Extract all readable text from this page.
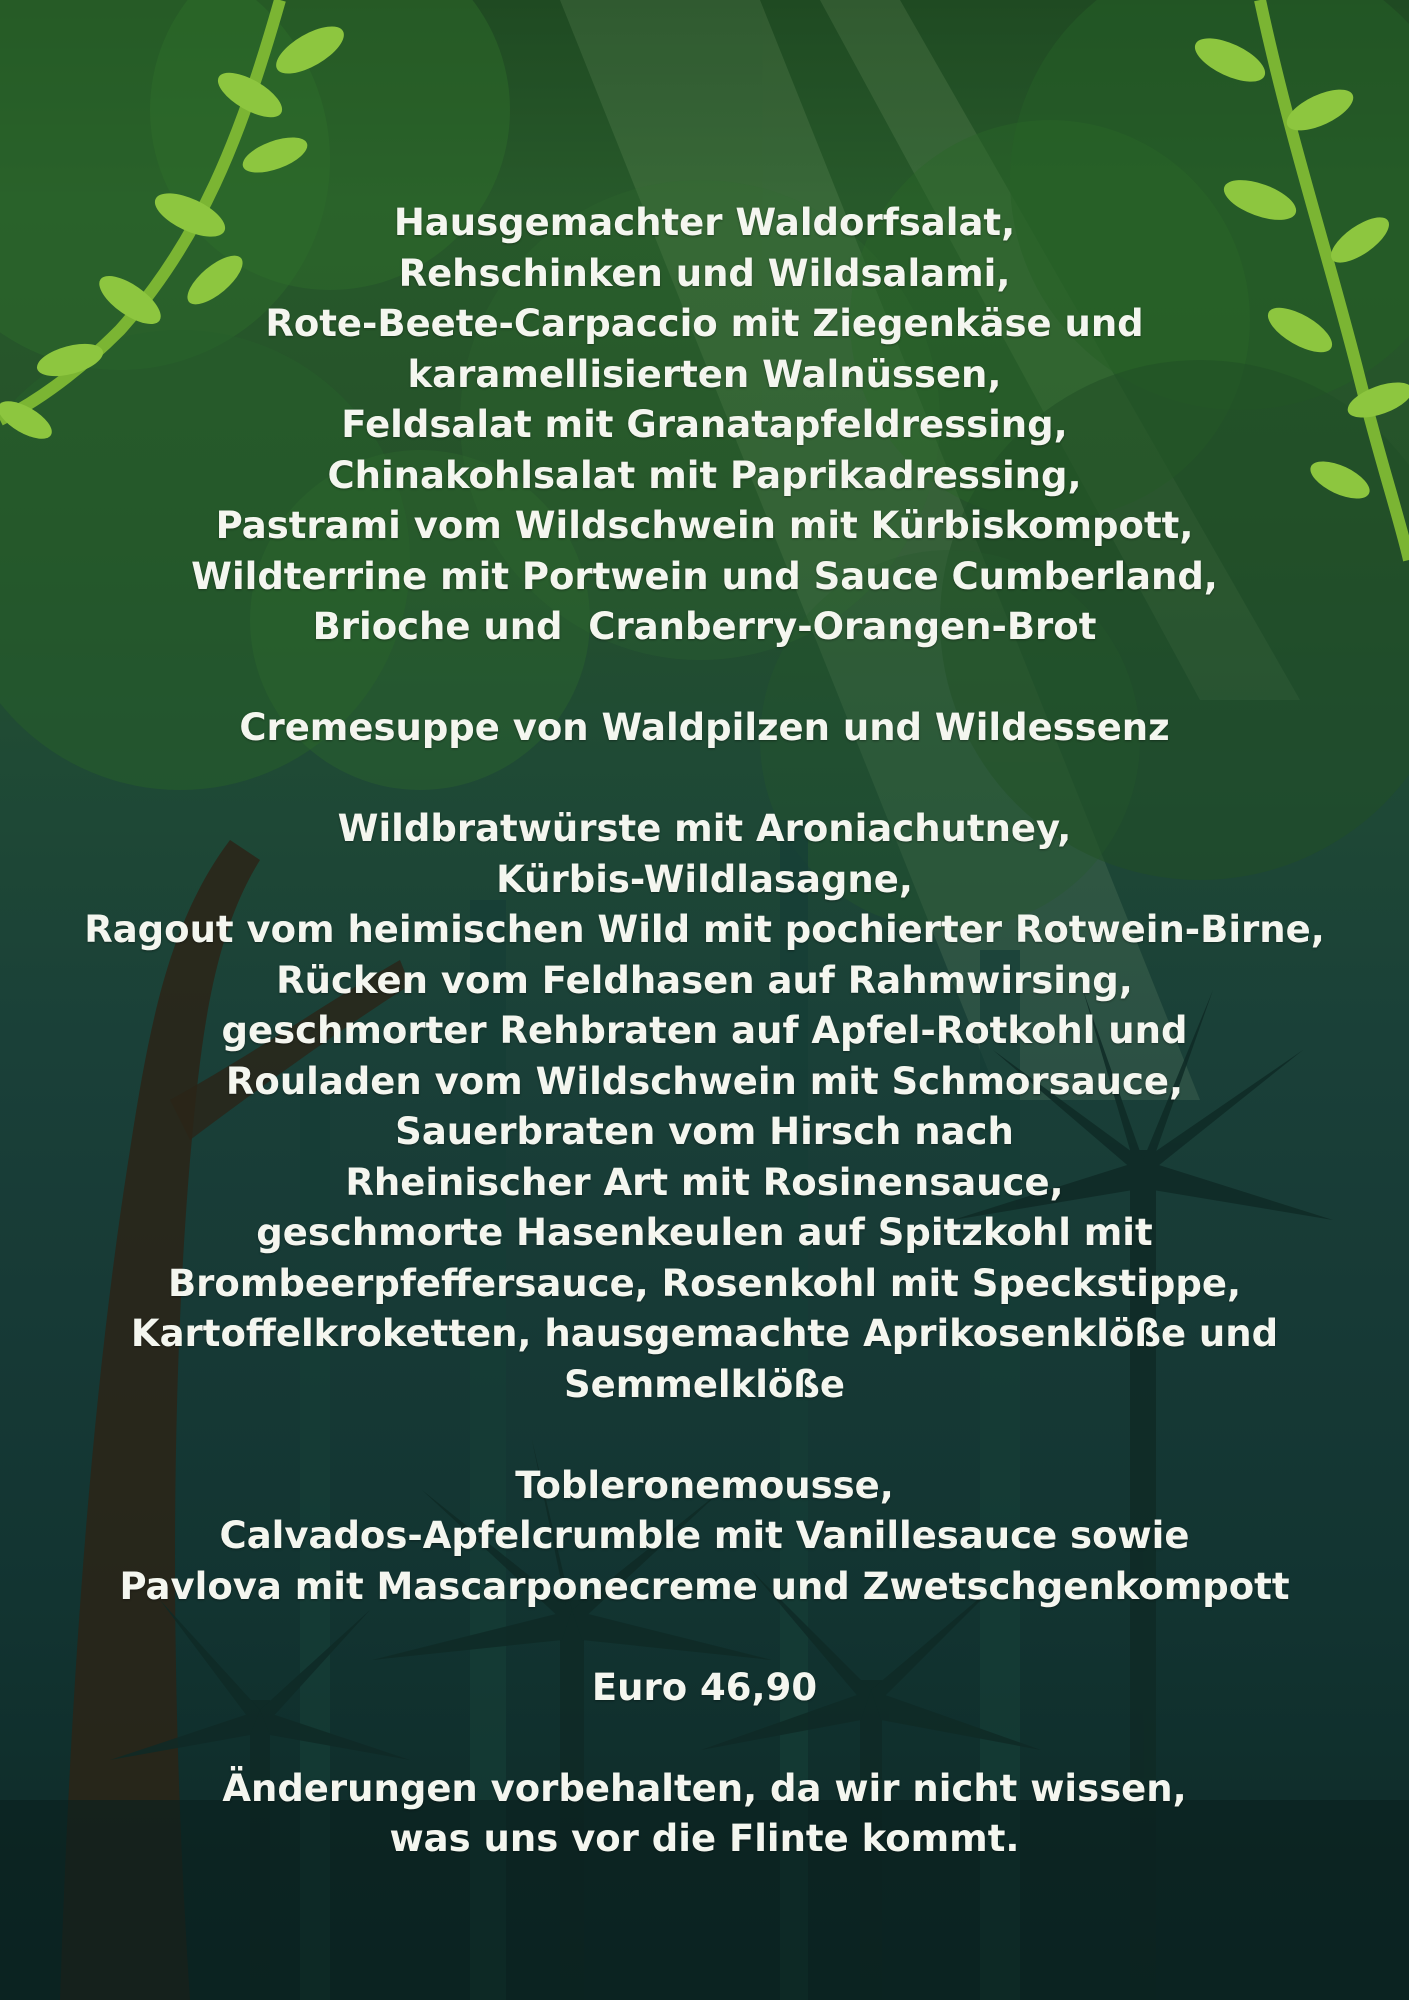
Hausgemachter Waldorfsalat,
Rehschinken und Wildsalami,
Rote-Beete-Carpaccio mit Ziegenkäse und
karamellisierten Walnüssen,
Feldsalat mit Granatapfeldressing,
Chinakohlsalat mit Paprikadressing,
Pastrami vom Wildschwein mit Kürbiskompott,
Wildterrine mit Portwein und Sauce Cumberland,
Brioche und  Cranberry-Orangen-Brot
Cremesuppe von Waldpilzen und Wildessenz
Wildbratwürste mit Aroniachutney,
Kürbis-Wildlasagne,
Ragout vom heimischen Wild mit pochierter Rotwein-Birne,
Rücken vom Feldhasen auf Rahmwirsing,
geschmorter Rehbraten auf Apfel-Rotkohl und
Rouladen vom Wildschwein mit Schmorsauce,
Sauerbraten vom Hirsch nach
Rheinischer Art mit Rosinensauce,
geschmorte Hasenkeulen auf Spitzkohl mit
Brombeerpfeffersauce, Rosenkohl mit Speckstippe,
Kartoffelkroketten, hausgemachte Aprikosenklöße und
Semmelklöße
Tobleronemousse,
Calvados-Apfelcrumble mit Vanillesauce sowie
Pavlova mit Mascarponecreme und Zwetschgenkompott
Euro 46,90
Änderungen vorbehalten, da wir nicht wissen,
was uns vor die Flinte kommt.
